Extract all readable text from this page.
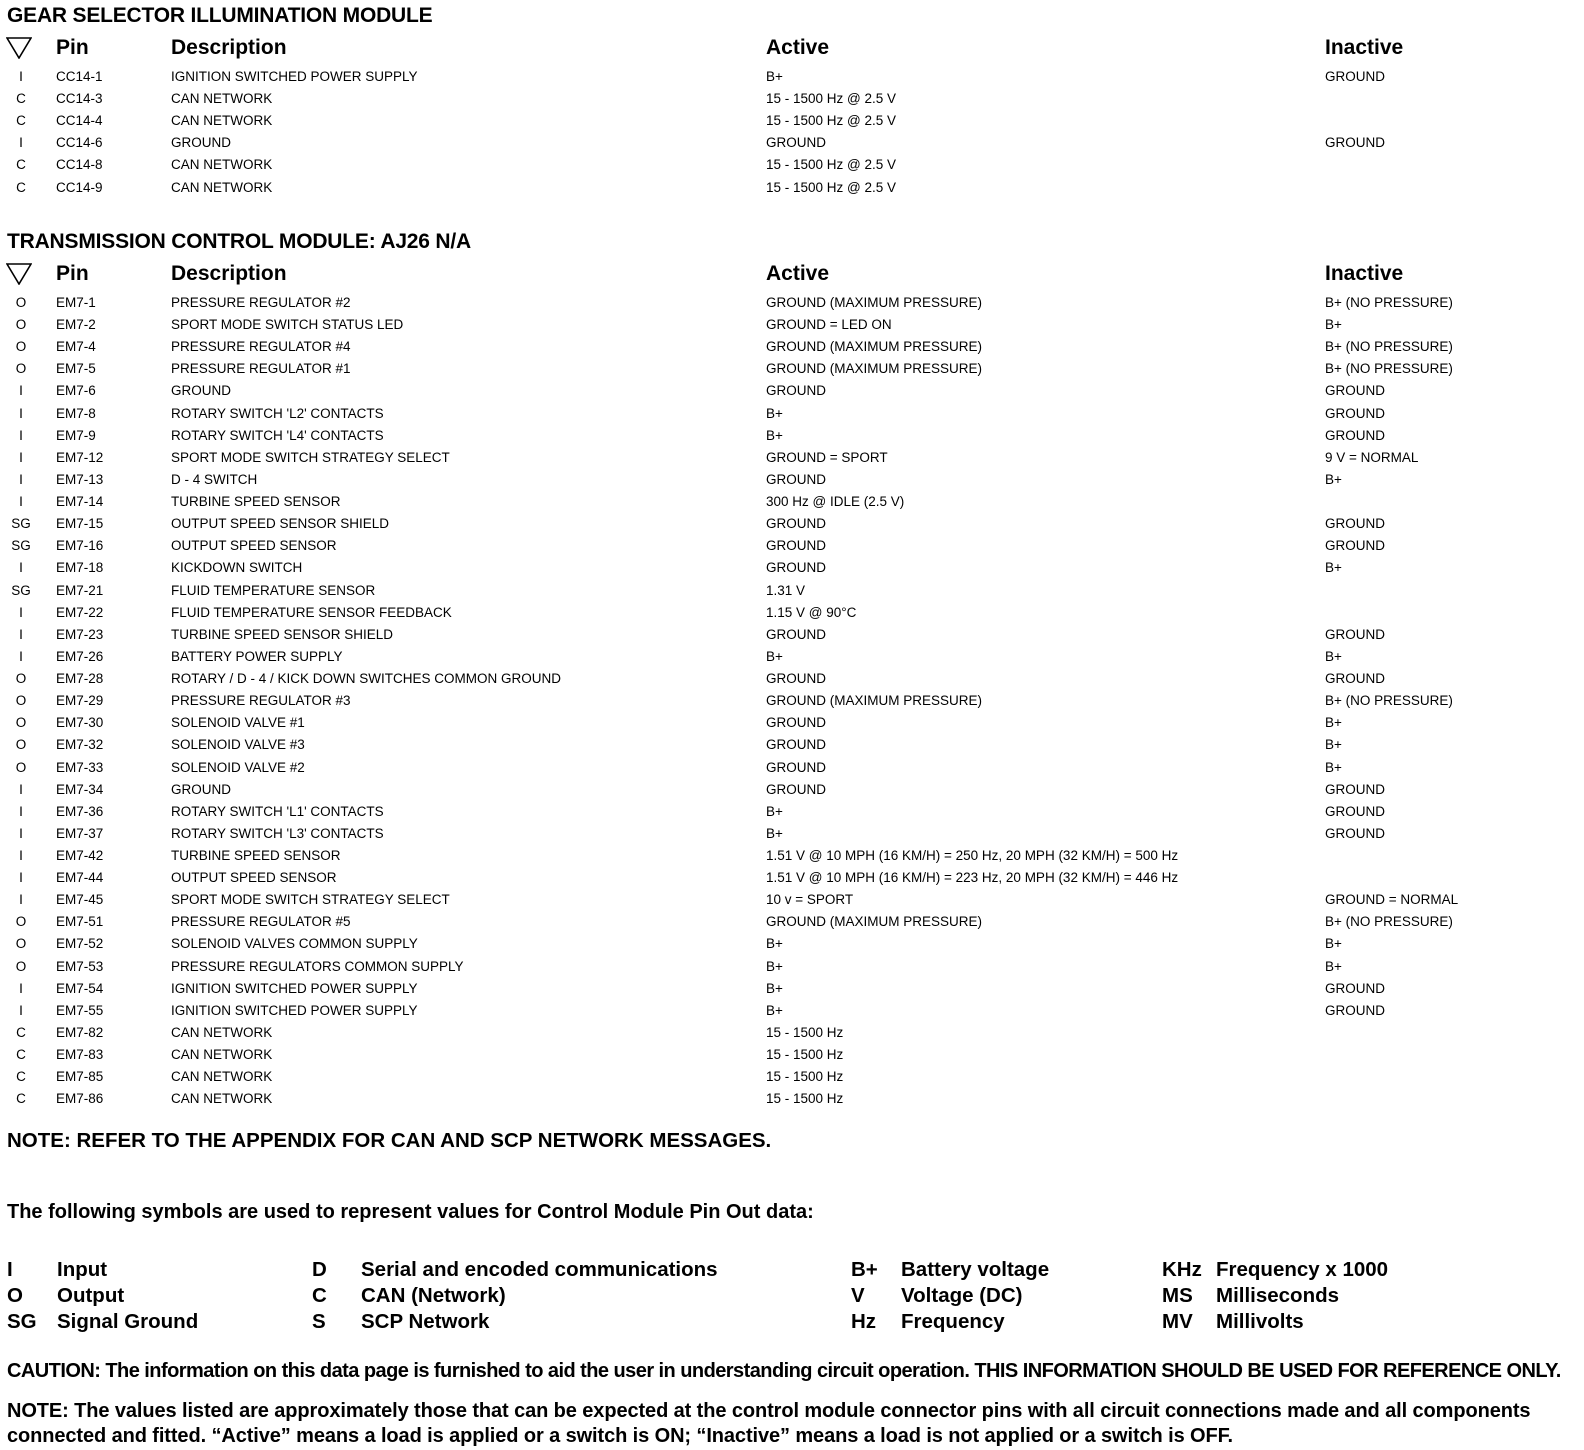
GEAR SELECTOR ILLUMINATION MODULE
Pin	Description	Active	Inactive
I	CC14-1	IGNITION SWITCHED POWER SUPPLY	B+	GROUND
C	CC14-3	CAN NETWORK	15 - 1500 Hz @ 2.5 V
C	CC14-4	CAN NETWORK	15 - 1500 Hz @ 2.5 V
I	CC14-6	GROUND	GROUND	GROUND
C	CC14-8	CAN NETWORK	15 - 1500 Hz @ 2.5 V
C	CC14-9	CAN NETWORK	15 - 1500 Hz @ 2.5 V
TRANSMISSION CONTROL MODULE: AJ26 N/A
Pin	Description	Active	Inactive
O	EM7-1	PRESSURE REGULATOR #2	GROUND (MAXIMUM PRESSURE)	B+ (NO PRESSURE)
O	EM7-2	SPORT MODE SWITCH STATUS LED	GROUND = LED ON	B+
O	EM7-4	PRESSURE REGULATOR #4	GROUND (MAXIMUM PRESSURE)	B+ (NO PRESSURE)
O	EM7-5	PRESSURE REGULATOR #1	GROUND (MAXIMUM PRESSURE)	B+ (NO PRESSURE)
I	EM7-6	GROUND	GROUND	GROUND
I	EM7-8	ROTARY SWITCH 'L2' CONTACTS	B+	GROUND
I	EM7-9	ROTARY SWITCH 'L4' CONTACTS	B+	GROUND
I	EM7-12	SPORT MODE SWITCH STRATEGY SELECT	GROUND = SPORT	9 V = NORMAL
I	EM7-13	D - 4 SWITCH	GROUND	B+
I	EM7-14	TURBINE SPEED SENSOR	300 Hz @ IDLE (2.5 V)
SG EM7-15	OUTPUT SPEED SENSOR SHIELD	GROUND	GROUND
SG EM7-16	OUTPUT SPEED SENSOR	GROUND	GROUND
I	EM7-18	KICKDOWN SWITCH	GROUND	B+
SG EM7-21	FLUID TEMPERATURE SENSOR	1.31 V
I	EM7-22	FLUID TEMPERATURE SENSOR FEEDBACK	1.15 V @ 90°C
I	EM7-23	TURBINE SPEED SENSOR SHIELD	GROUND	GROUND
I	EM7-26	BATTERY POWER SUPPLY	B+	B+
O	EM7-28	ROTARY / D - 4 / KICK DOWN SWITCHES COMMON GROUND	GROUND	GROUND
O	EM7-29	PRESSURE REGULATOR #3	GROUND (MAXIMUM PRESSURE)	B+ (NO PRESSURE)
O	EM7-30	SOLENOID VALVE #1	GROUND	B+
O	EM7-32	SOLENOID VALVE #3	GROUND	B+
O	EM7-33	SOLENOID VALVE #2	GROUND	B+
I	EM7-34	GROUND	GROUND	GROUND
I	EM7-36	ROTARY SWITCH 'L1' CONTACTS	B+	GROUND
I	EM7-37	ROTARY SWITCH 'L3' CONTACTS	B+	GROUND
I	EM7-42	TURBINE SPEED SENSOR	1.51 V @ 10 MPH (16 KM/H) = 250 Hz, 20 MPH (32 KM/H) = 500 Hz
I	EM7-44	OUTPUT SPEED SENSOR	1.51 V @ 10 MPH (16 KM/H) = 223 Hz, 20 MPH (32 KM/H) = 446 Hz
I	EM7-45	SPORT MODE SWITCH STRATEGY SELECT	10 v = SPORT	GROUND = NORMAL
O	EM7-51	PRESSURE REGULATOR #5	GROUND (MAXIMUM PRESSURE)	B+ (NO PRESSURE)
O	EM7-52	SOLENOID VALVES COMMON SUPPLY	B+	B+
O	EM7-53	PRESSURE REGULATORS COMMON SUPPLY	B+	B+
I	EM7-54	IGNITION SWITCHED POWER SUPPLY	B+	GROUND
I	EM7-55	IGNITION SWITCHED POWER SUPPLY	B+	GROUND
C	EM7-82	CAN NETWORK	15 - 1500 Hz
C	EM7-83	CAN NETWORK	15 - 1500 Hz
C	EM7-85	CAN NETWORK	15 - 1500 Hz
C	EM7-86	CAN NETWORK	15 - 1500 Hz
NOTE: REFER TO THE APPENDIX FOR CAN AND SCP NETWORK MESSAGES.
The following symbols are used to represent values for Control Module Pin Out data:
I Input
O Output
SG Signal Ground
D Serial and encoded communications
C CAN (Network)
S SCP Network
B+ Battery voltage
V Voltage (DC)
Hz Frequency
KHz Frequency x 1000
MS Milliseconds
MV Millivolts
CAUTION: The information on this data page is furnished to aid the user in understanding circuit operation. THIS INFORMATION SHOULD BE USED FOR REFERENCE ONLY.
NOTE: The values listed are approximately those that can be expected at the control module connector pins with all circuit connections made and all components connected and fitted. “Active” means a load is applied or a switch is ON; “Inactive” means a load is not applied or a switch is OFF.
